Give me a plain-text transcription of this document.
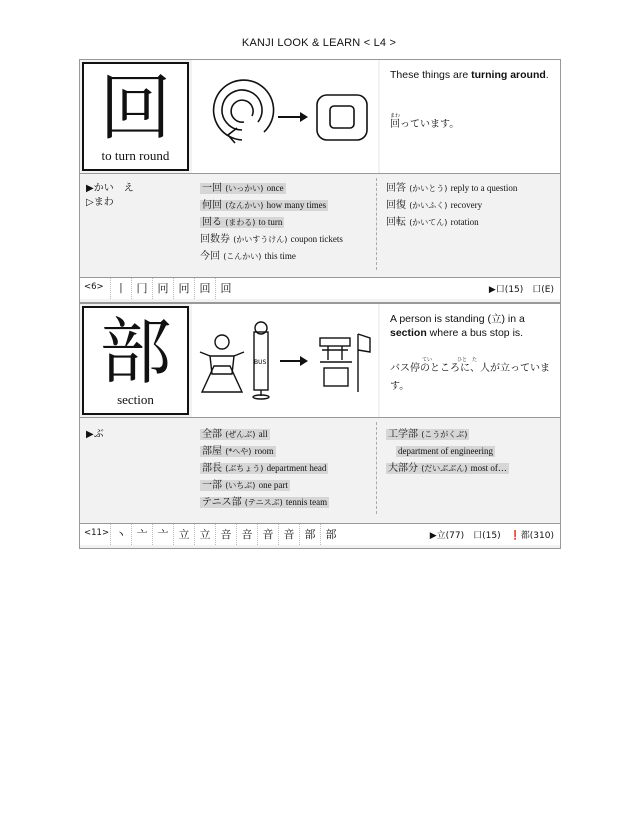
KANJI LOOK & LEARN < L4 >
回
to turn round
These things are turning around.
まわ
回っています。
▶かい　え
▷まわ
一回 (いっかい) once
何回 (なんかい) how many times
回る (まわる) to turn
回数券 (かいすうけん) coupon tickets
今回 (こんかい) this time
回答 (かいとう) reply to a question
回復 (かいふく) recovery
回転 (かいてん) rotation
<6>	丨 冂 冋 冋 回 回	▶口(15)　口(E)
部
section
BUS
A person is standing (立) in a section where a bus stop is.
てい　　　　　ひと　た
バス停のところに、人が立っています。
▶ぶ	全部 (ぜんぶ) all
部屋 (*へや) room
部長 (ぶちょう) department head
一部 (いちぶ) one part
テニス部 (テニスぶ) tennis team
工学部 (こうがくぶ)
department of engineering
大部分 (だいぶぶん) most of…
<11> 丶 亠 亠 立 立 咅 咅 音 音 部 部	▶立(77)　口(15)　❗都(310)
